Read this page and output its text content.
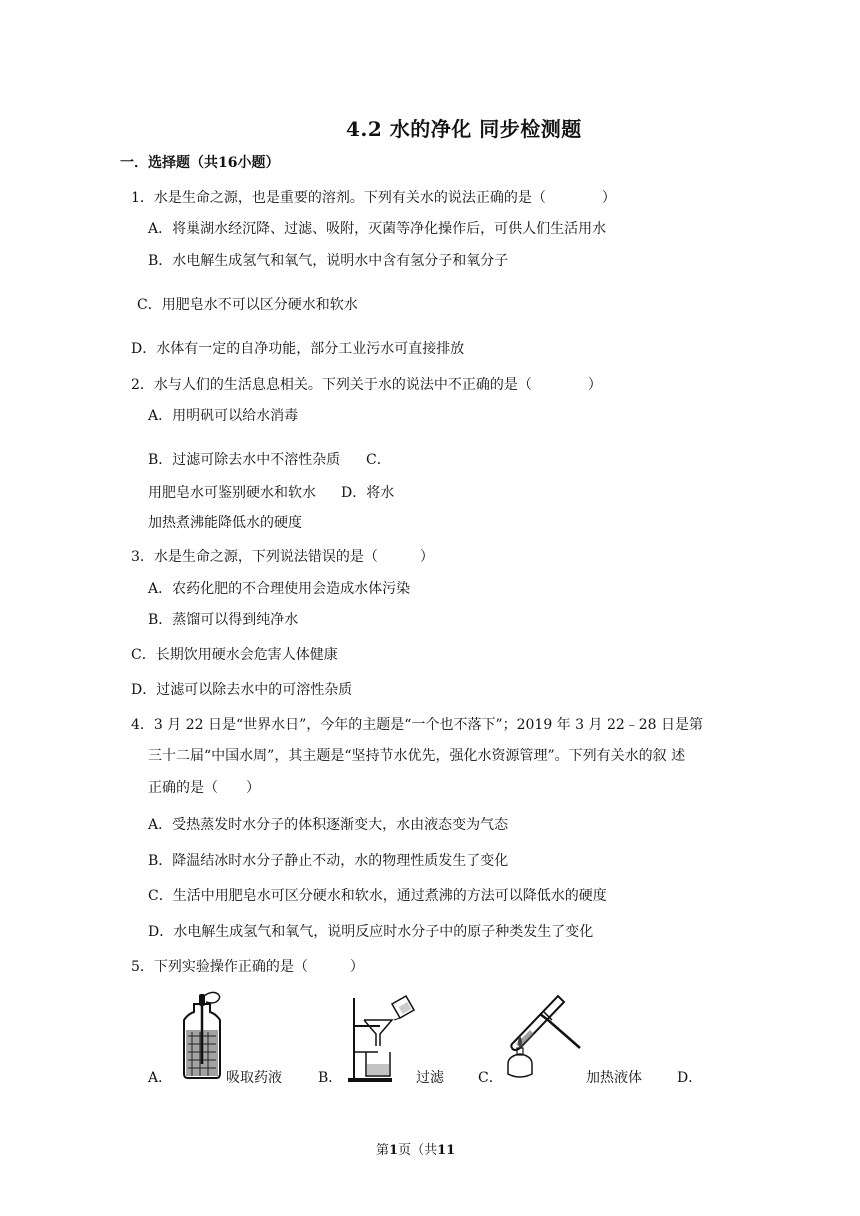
4.2 水的净化 同步检测题
一．选择题（共16小题）
1．水是生命之源，也是重要的溶剂。下列有关水的说法正确的是（　　　　）
A．将巢湖水经沉降、过滤、吸附，灭菌等净化操作后，可供人们生活用水
B．水电解生成氢气和氧气，说明水中含有氢分子和氧分子
C．用肥皂水不可以区分硬水和软水
D．水体有一定的自净功能，部分工业污水可直接排放
2．水与人们的生活息息相关。下列关于水的说法中不正确的是（　　　　）
A．用明矾可以给水消毒
B．过滤可除去水中不溶性杂质 C．
用肥皂水可鉴别硬水和软水 D．将水
加热煮沸能降低水的硬度
3．水是生命之源，下列说法错误的是（　　　）
A．农药化肥的不合理使用会造成水体污染
B．蒸馏可以得到纯净水
C．长期饮用硬水会危害人体健康
D．过滤可以除去水中的可溶性杂质
4．3 月 22 日是“世界水日”，今年的主题是“一个也不落下”；2019 年 3 月 22﹣28 日是第
三十二届“中国水周”，其主题是“坚持节水优先，强化水资源管理”。下列有关水的叙 述
正确的是（　　）
A．受热蒸发时水分子的体积逐渐变大，水由液态变为气态
B．降温结冰时水分子静止不动，水的物理性质发生了变化
C．生活中用肥皂水可区分硬水和软水，通过煮沸的方法可以降低水的硬度
D．水电解生成氢气和氧气，说明反应时水分子中的原子种类发生了变化
5．下列实验操作正确的是（　　　）
A．	吸取药液	B．	过滤 C．	加热液体	D．
第1页（共11
